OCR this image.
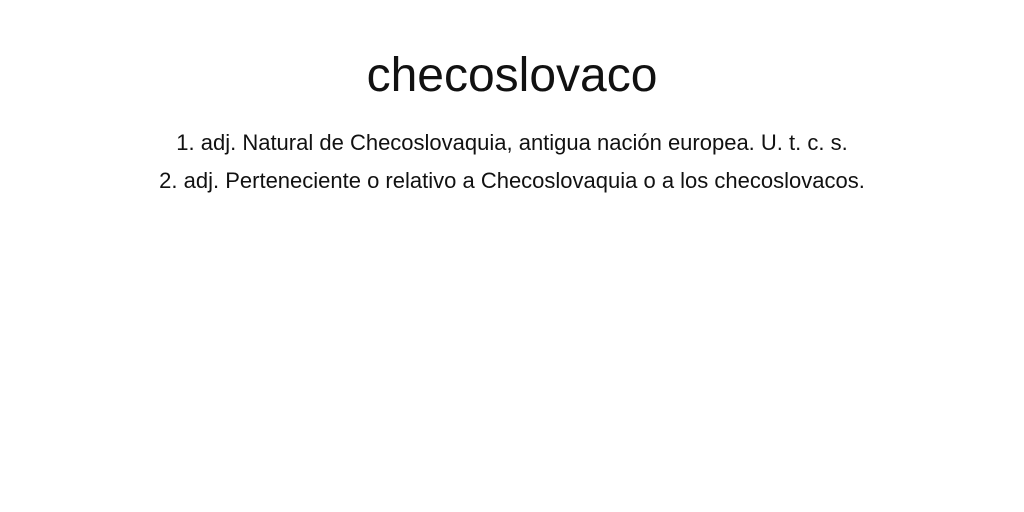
checoslovaco
1. adj. Natural de Checoslovaquia, antigua nación europea. U. t. c. s.
2. adj. Perteneciente o relativo a Checoslovaquia o a los checoslovacos.
